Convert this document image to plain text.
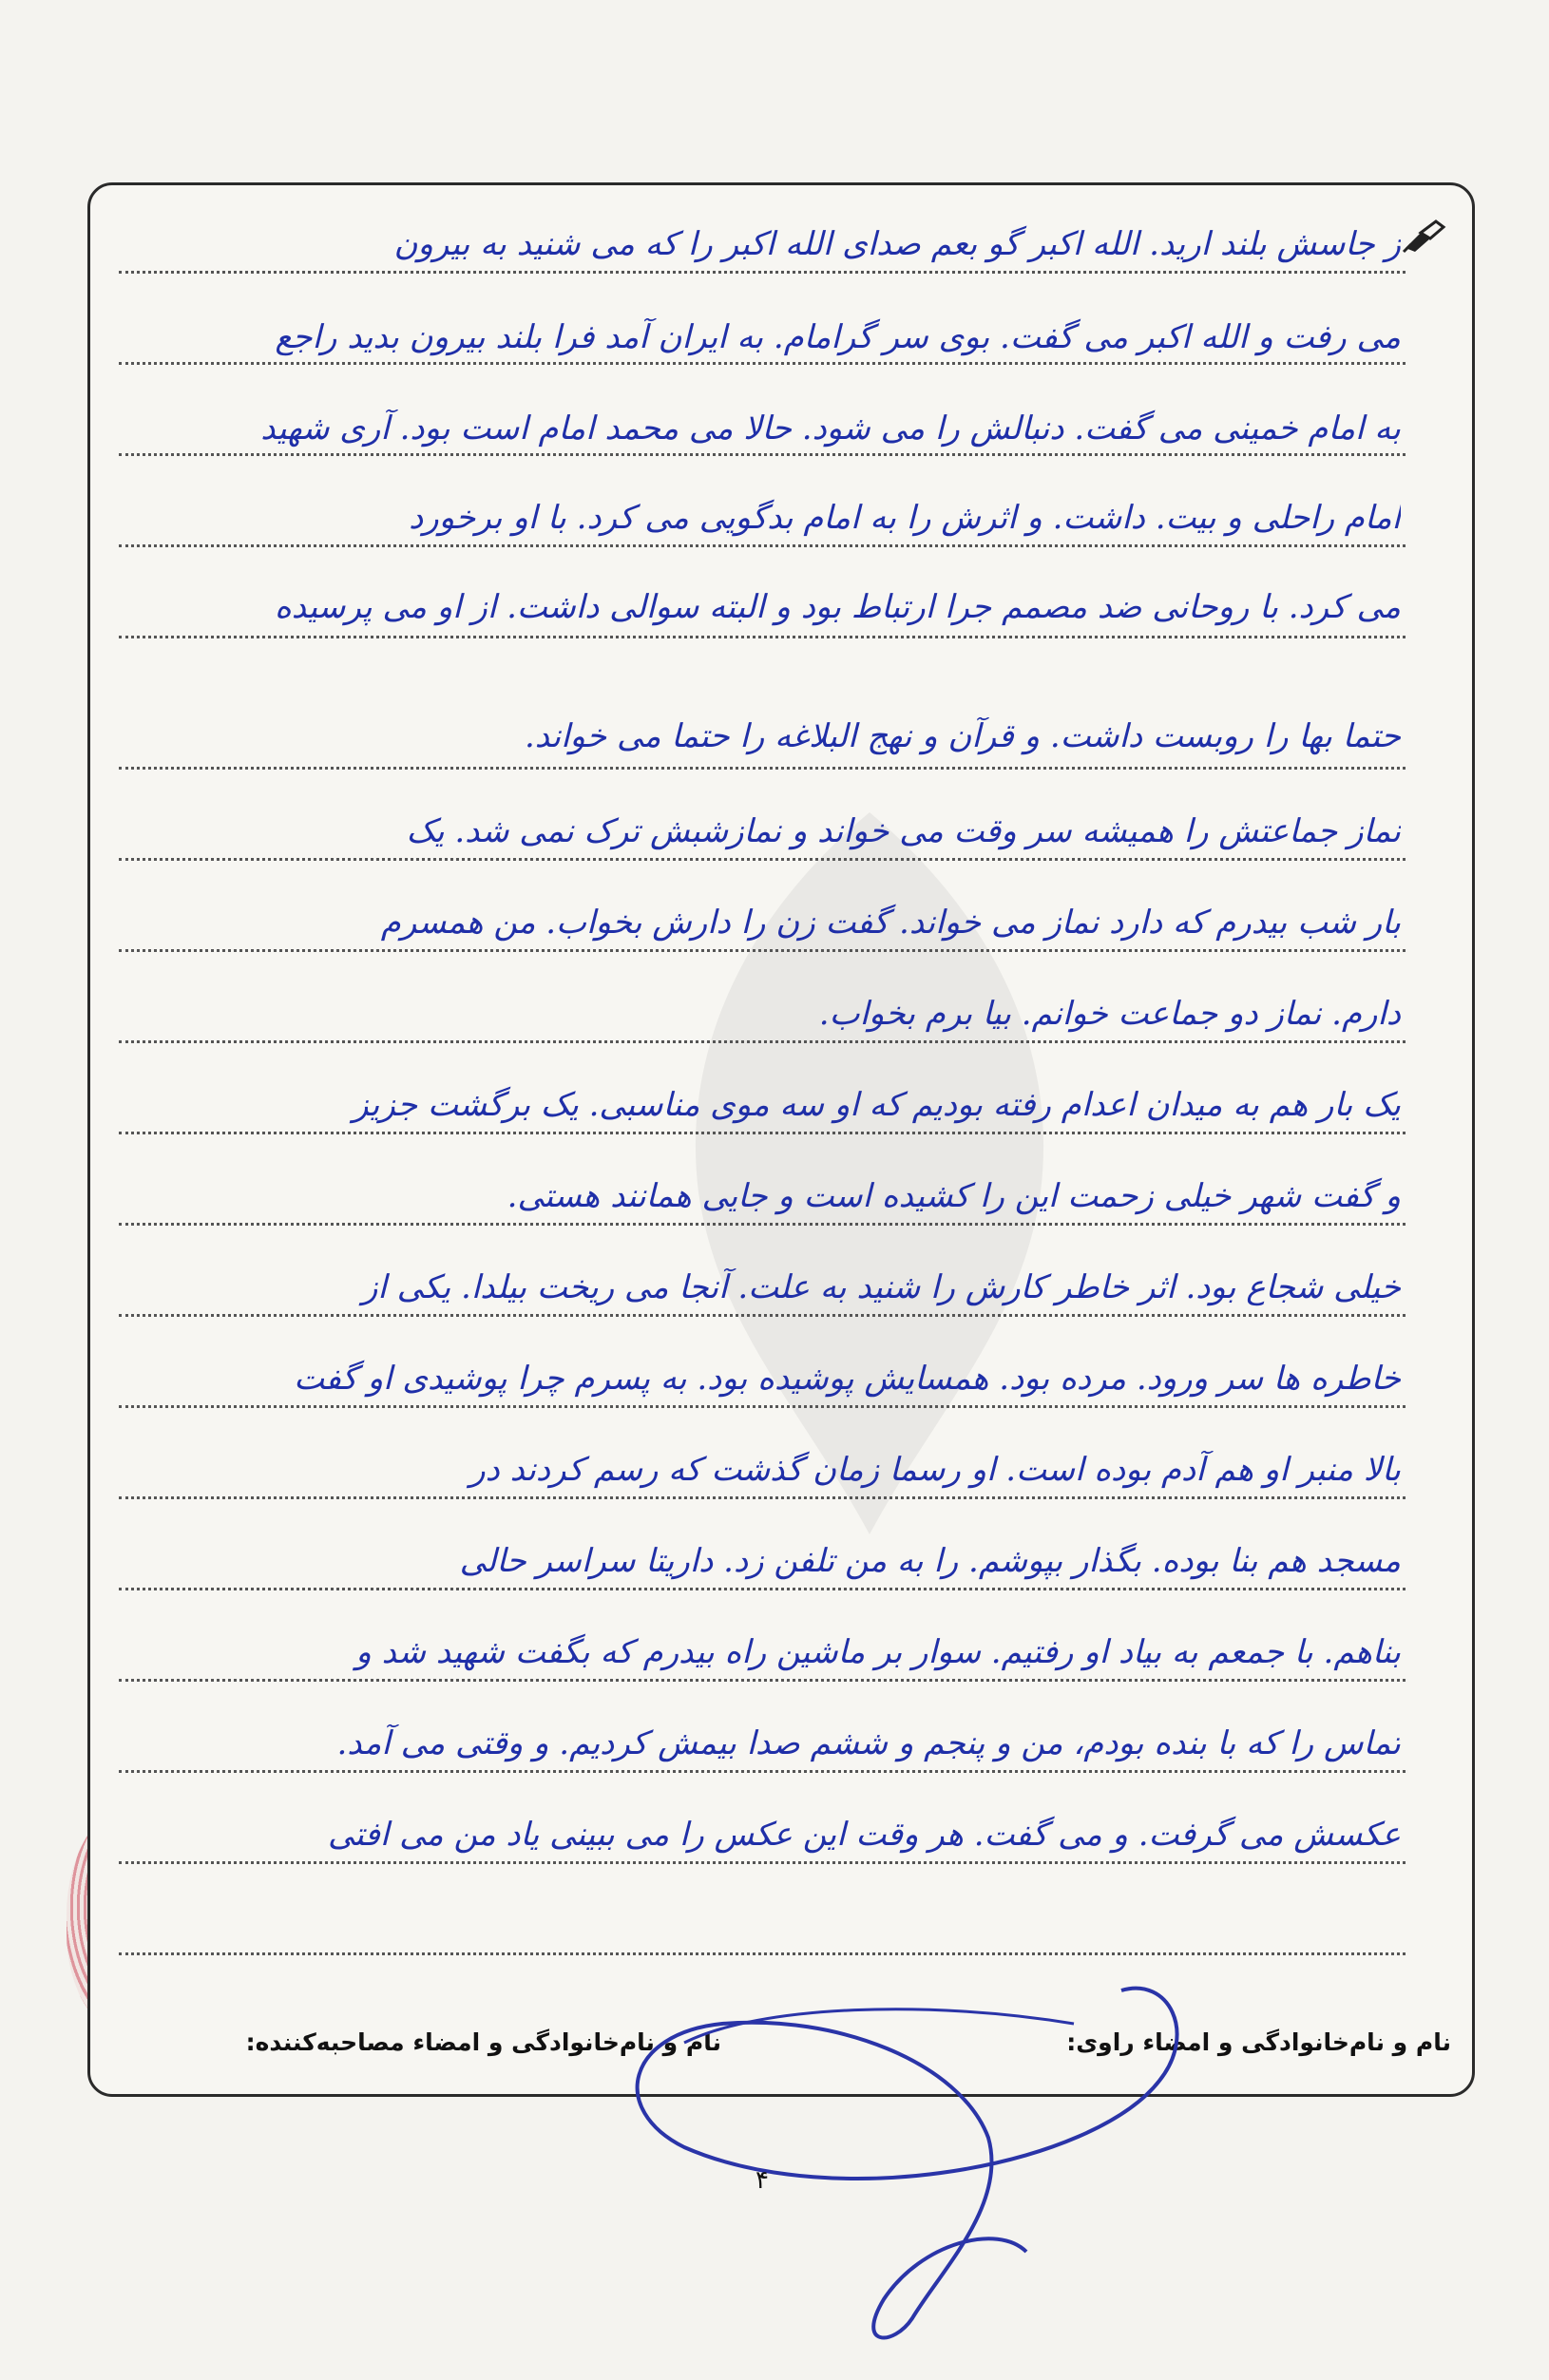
ز جاسش بلند ارید. الله اکبر گو بعم صدای الله اکبر را که می شنید به بیرون
می رفت و الله اکبر می گفت. بوی سر گرامام. به ایران آمد فرا بلند بیرون بدید راجع
به امام خمینی می گفت. دنبالش را می شود. حالا می محمد امام است بود. آری شهید
امام راحلی و بیت. داشت. و اثرش را به امام بدگویی می کرد. با او برخورد
می کرد. با روحانی ضد مصمم جرا ارتباط بود و البته سوالی داشت. از او می پرسیده
حتما بها را روبست داشت. و قرآن و نهج البلاغه را حتما می خواند.
نماز جماعتش را همیشه سر وقت می خواند و نمازشبش ترک نمی شد. یک
بار شب بیدرم که دارد نماز می خواند. گفت زن را دارش بخواب. من همسرم
دارم. نماز دو جماعت خوانم. بیا برم بخواب.
یک بار هم به میدان اعدام رفته بودیم که او سه موی مناسبی. یک برگشت جزیز
و گفت شهر خیلی زحمت این را کشیده است و جایی همانند هستی.
خیلی شجاع بود. اثر خاطر کارش را شنید به علت. آنجا می ریخت بیلدا. یکی از
خاطره ها سر ورود. مرده بود. همسایش پوشیده بود. به پسرم چرا پوشیدی او گفت
بالا منبر او هم آدم بوده است. او رسما زمان گذشت که رسم کردند در
مسجد هم بنا بوده. بگذار بپوشم. را به من تلفن زد. داریتا سراسر حالی
بناهم. با جمعم به بیاد او رفتیم. سوار بر ماشین راه بیدرم که بگفت شهید شد و
تماس را که با بنده بودم، من و پنجم و ششم صدا بیمش کردیم. و وقتی می آمد.
عکسش می گرفت. و می گفت. هر وقت این عکس را می ببینی یاد من می افتی
نام و نام‌خانوادگی و امضاء راوی:
نام و نام‌خانوادگی و امضاء مصاحبه‌کننده:
۴
